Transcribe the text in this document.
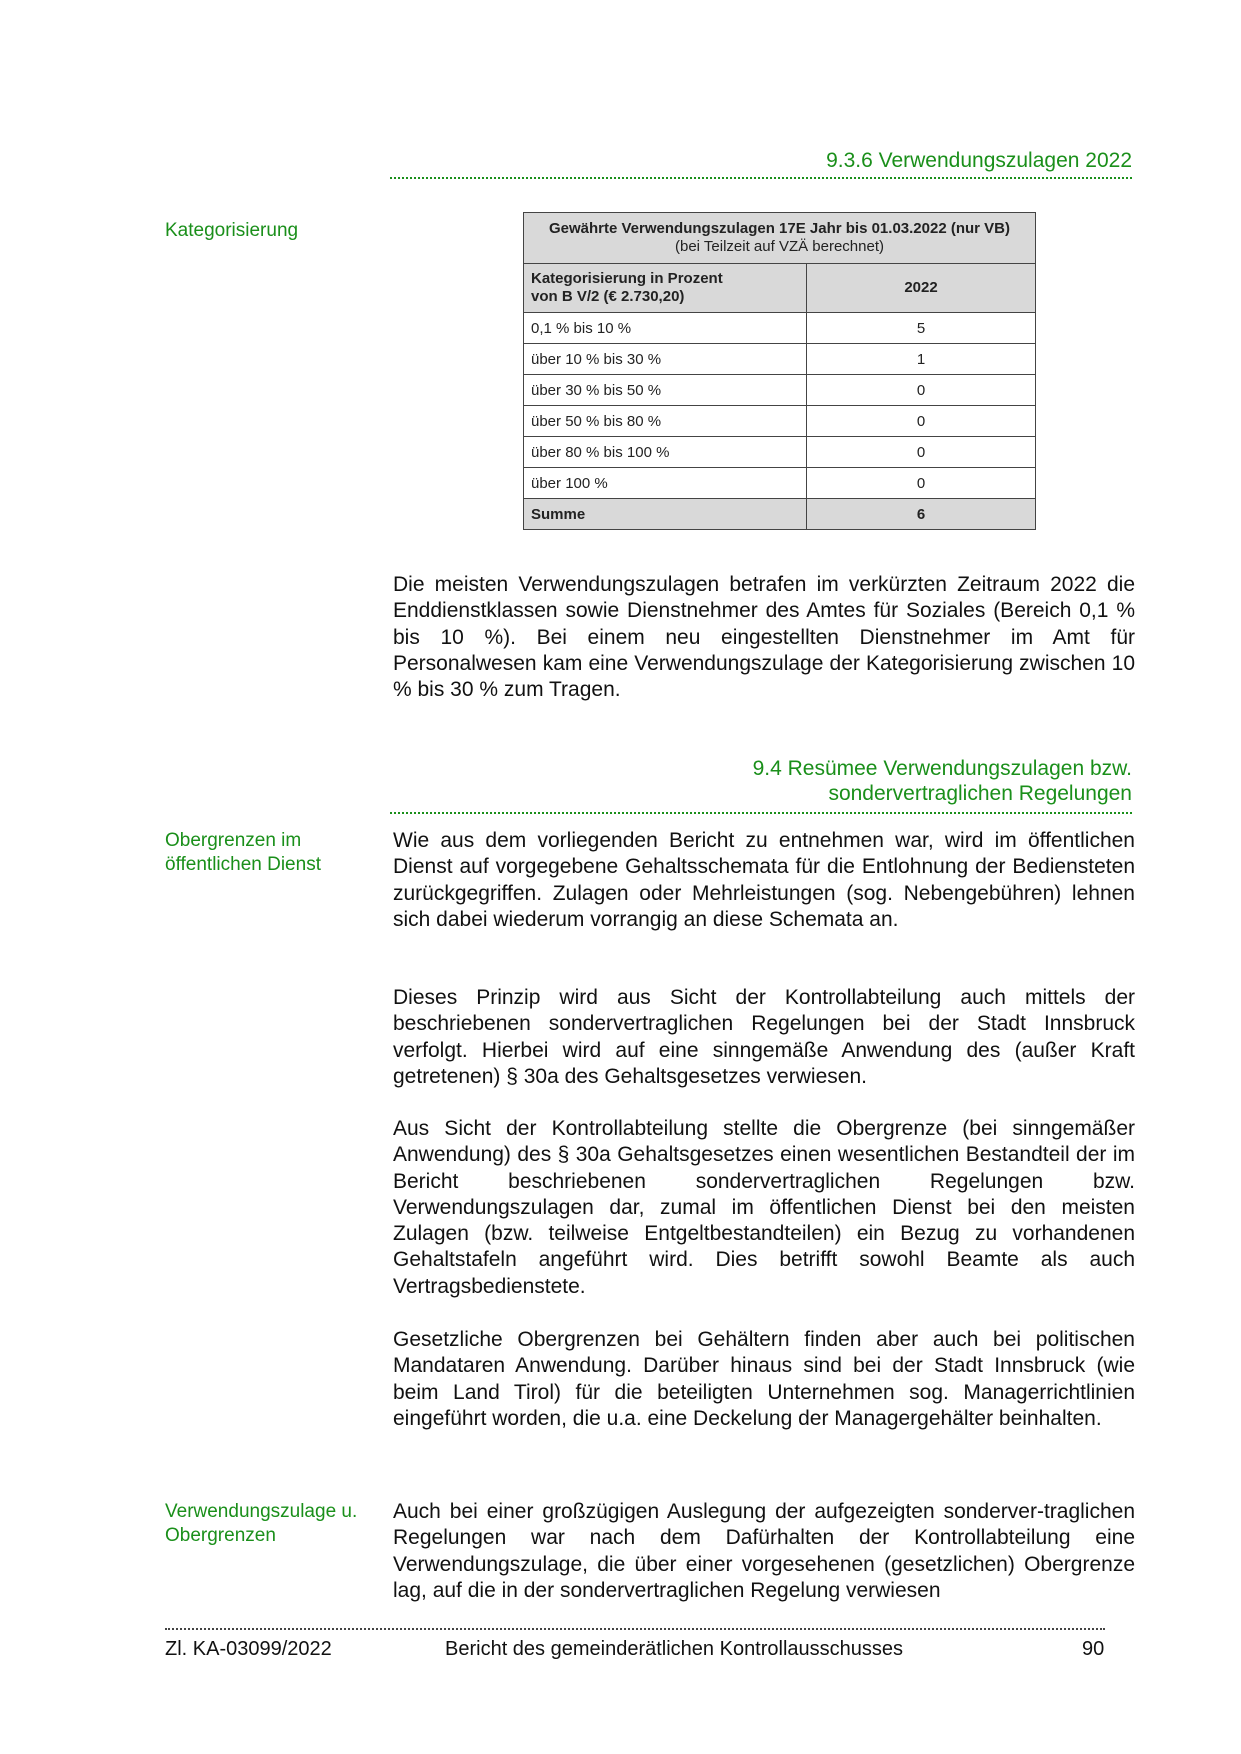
9.3.6 Verwendungszulagen 2022
Kategorisierung	Gewährte Verwendungszulagen 17E Jahr bis 01.03.2022 (nur VB)
(bei Teilzeit auf VZÄ berechnet)	
Kategorisierung in Prozent
von B V/2 (€ 2.730,20)	2022
0,1 % bis 10 %	5
über 10 % bis 30 %	1
über 30 % bis 50 %	0
über 50 % bis 80 %	0
über 80 % bis 100 %	0
über 100 %	0
Summe	6

Die meisten Verwendungszulagen betrafen im verkürzten Zeitraum 2022 die Enddienstklassen sowie Dienstnehmer des Amtes für Soziales (Bereich 0,1 % bis 10 %). Bei einem neu eingestellten Dienstnehmer im Amt für Personalwesen kam eine Verwendungszulage der Kategorisierung zwischen 10 % bis 30 % zum Tragen.

9.4 Resümee Verwendungszulagen bzw.
sondervertraglichen Regelungen
Obergrenzen im
öffentlichen Dienst

Wie aus dem vorliegenden Bericht zu entnehmen war, wird im öffentlichen Dienst auf vorgegebene Gehaltsschemata für die Entlohnung der Bediensteten zurückgegriffen. Zulagen oder Mehrleistungen (sog. Nebengebühren) lehnen sich dabei wiederum vorrangig an diese Schemata an.

Dieses Prinzip wird aus Sicht der Kontrollabteilung auch mittels der beschriebenen sondervertraglichen Regelungen bei der Stadt Innsbruck verfolgt. Hierbei wird auf eine sinngemäße Anwendung des (außer Kraft getretenen) § 30a des Gehaltsgesetzes verwiesen.

Aus Sicht der Kontrollabteilung stellte die Obergrenze (bei sinngemäßer Anwendung) des § 30a Gehaltsgesetzes einen wesentlichen Bestandteil der im Bericht beschriebenen sondervertraglichen Regelungen bzw. Verwendungszulagen dar, zumal im öffentlichen Dienst bei den meisten Zulagen (bzw. teilweise Entgeltbestandteilen) ein Bezug zu vorhandenen Gehaltstafeln angeführt wird. Dies betrifft sowohl Beamte als auch Vertragsbedienstete.

Gesetzliche Obergrenzen bei Gehältern finden aber auch bei politischen Mandataren Anwendung. Darüber hinaus sind bei der Stadt Innsbruck (wie beim Land Tirol) für die beteiligten Unternehmen sog. Managerrichtlinien eingeführt worden, die u.a. eine Deckelung der Managergehälter beinhalten.

Verwendungszulage u.
Obergrenzen

Auch bei einer großzügigen Auslegung der aufgezeigten sonderver-traglichen Regelungen war nach dem Dafürhalten der Kontrollabteilung eine Verwendungszulage, die über einer vorgesehenen (gesetzlichen) Obergrenze lag, auf die in der sondervertraglichen Regelung verwiesen

Zl. KA-03099/2022	Bericht des gemeinderätlichen Kontrollausschusses	90
